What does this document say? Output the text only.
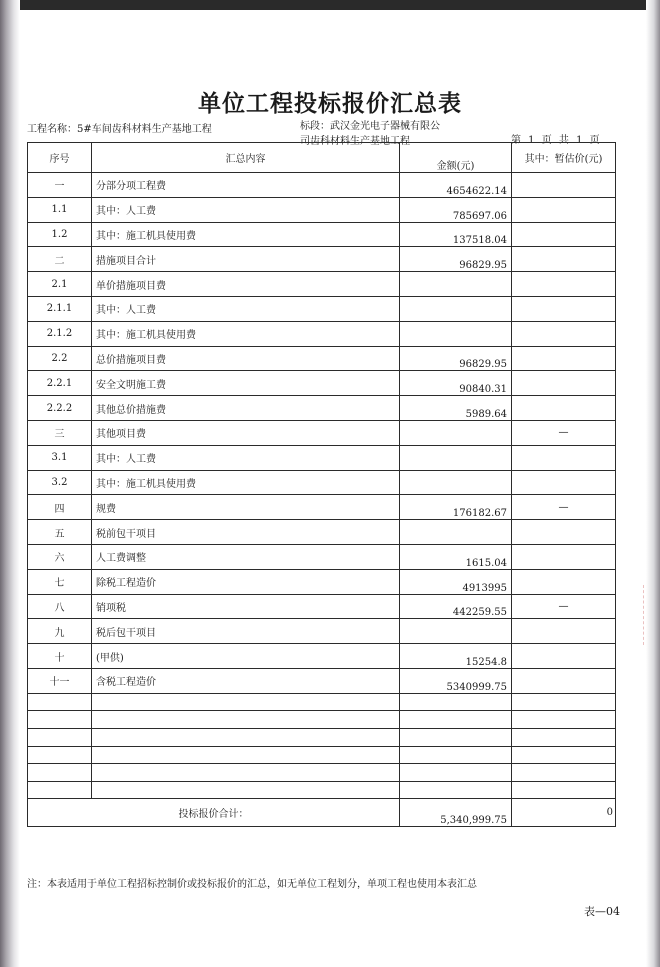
单位工程投标报价汇总表
工程名称：5#车间齿科材料生产基地工程	标段：武汉金光电子器械有限公
司齿科材料生产基地工程	第 1 页 共 1 页
序号	汇总内容	金额(元)	其中：暂估价(元)
一	分部分项工程费	4654622.14	
1.1	其中：人工费	785697.06	
1.2	其中：施工机具使用费	137518.04	
二	措施项目合计	96829.95	
2.1	单价措施项目费		
2.1.1	其中：人工费		
2.1.2	其中：施工机具使用费		
2.2	总价措施项目费	96829.95	
2.2.1	安全文明施工费	90840.31	
2.2.2	其他总价措施费	5989.64	
三	其他项目费		—
3.1	其中：人工费		
3.2	其中：施工机具使用费		
四	规费	176182.67	—
五	税前包干项目		
六	人工费调整	1615.04	
七	除税工程造价	4913995	
八	销项税	442259.55	—
九	税后包干项目		
十	(甲供)	15254.8	
十一	含税工程造价	5340999.75	

投标报价合计：		5,340,999.75	0
注：本表适用于单位工程招标控制价或投标报价的汇总，如无单位工程划分，单项工程也使用本表汇总
表—04
